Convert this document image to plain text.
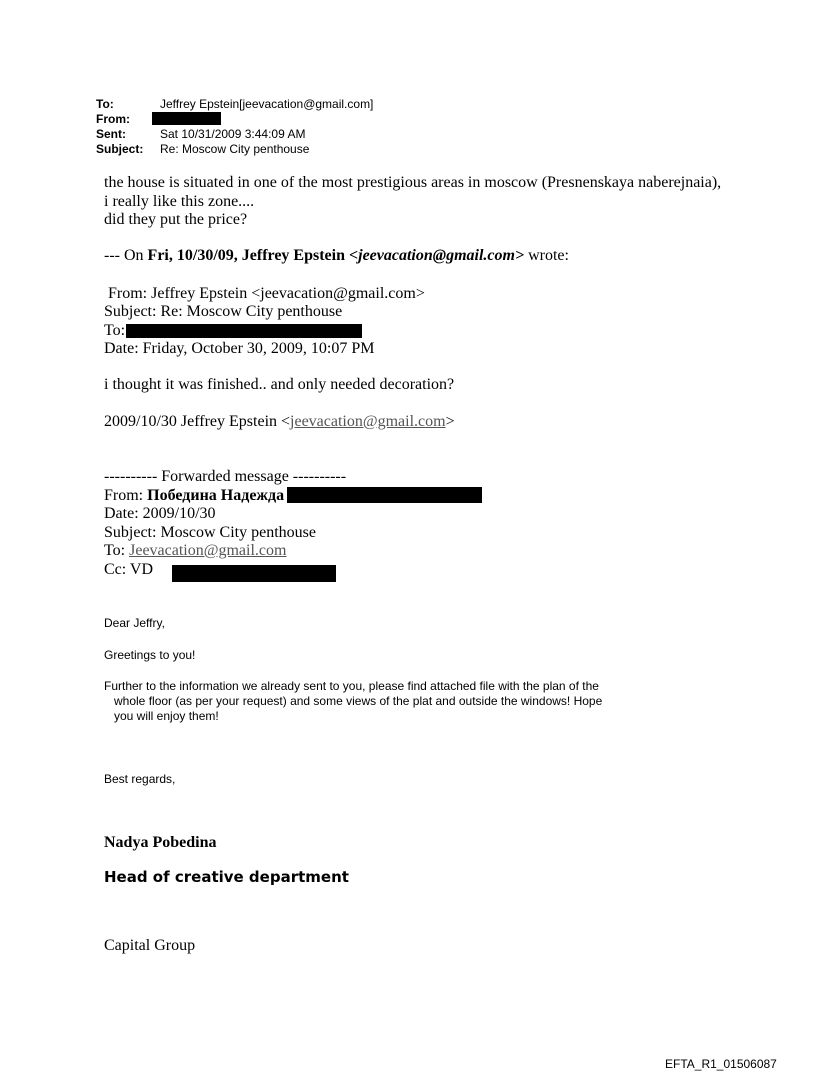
To:	Jeffrey Epstein[jeevacation@gmail.com]
From:
Sent:	Sat 10/31/2009 3:44:09 AM
Subject: Re: Moscow City penthouse
the house is situated in one of the most prestigious areas in moscow (Presnenskaya naberejnaia),
i really like this zone....
did they put the price?
--- On Fri, 10/30/09, Jeffrey Epstein <jeevacation@gmail.com> wrote:
From: Jeffrey Epstein <jeevacation@gmail.com>
Subject: Re: Moscow City penthouse
To:
Date: Friday, October 30, 2009, 10:07 PM
i thought it was finished.. and only needed decoration?
2009/10/30 Jeffrey Epstein <jeevacation@gmail.com>
---------- Forwarded message ----------
From: Победина Надежда
Date: 2009/10/30
Subject: Moscow City penthouse
To: Jeevacation@gmail.com
Cc: VD
Dear Jeffry,
Greetings to you!
Further to the information we already sent to you, please find attached file with the plan of the
whole floor (as per your request) and some views of the plat and outside the windows! Hope
you will enjoy them!
Best regards,
Nadya Pobedina
Head of creative department
Capital Group
EFTA_R1_01506087
